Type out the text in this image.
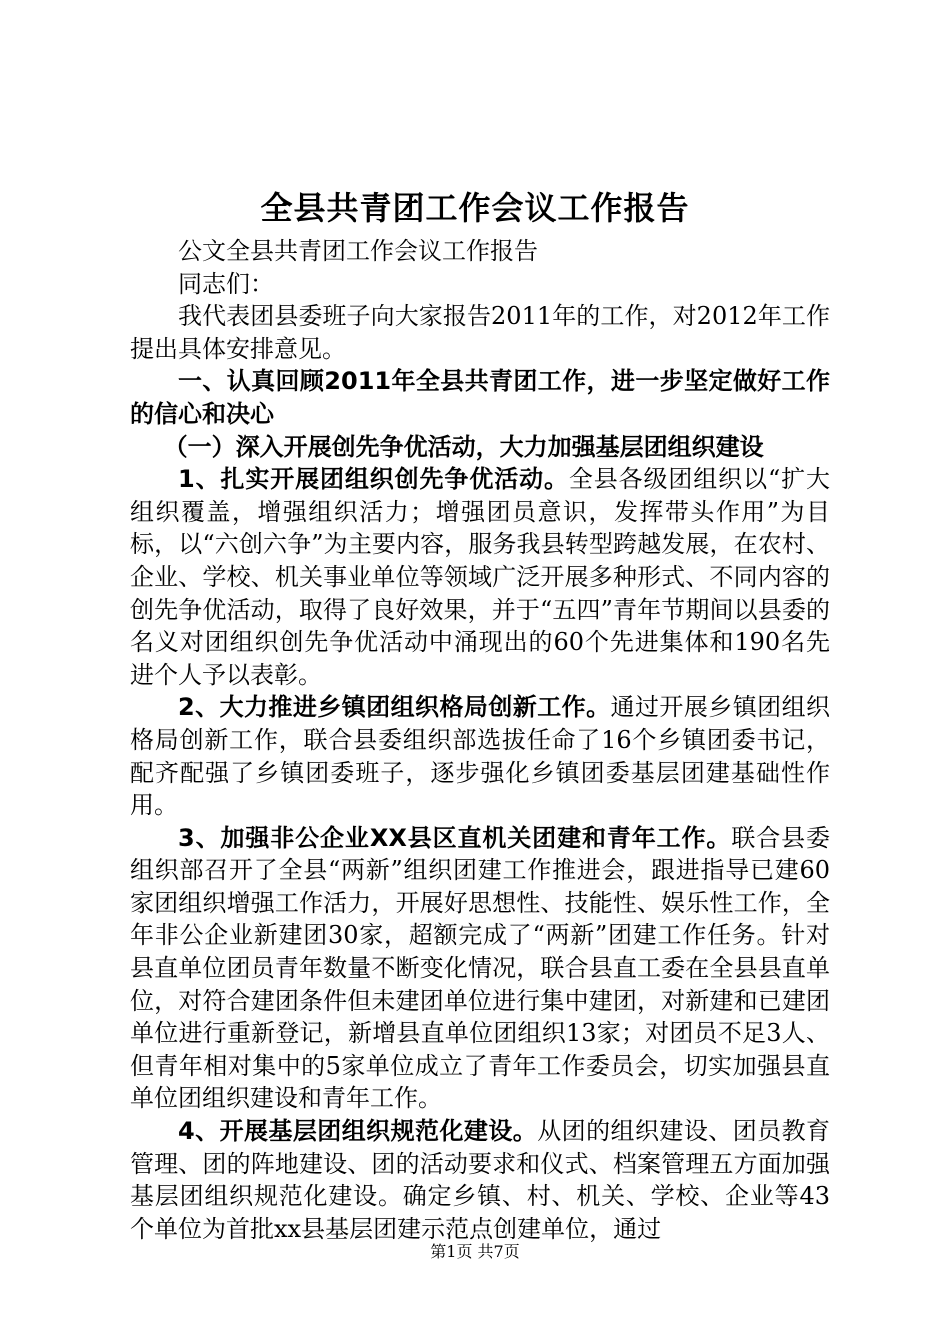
全县共青团工作会议工作报告

公文全县共青团工作会议工作报告

同志们：

我代表团县委班子向大家报告2011年的工作，对2012年工作提出具体安排意见。

一、认真回顾2011年全县共青团工作，进一步坚定做好工作的信心和决心

（一）深入开展创先争优活动，大力加强基层团组织建设

1、扎实开展团组织创先争优活动。全县各级团组织以“扩大组织覆盖，增强组织活力；增强团员意识，发挥带头作用”为目标，以“六创六争”为主要内容，服务我县转型跨越发展，在农村、企业、学校、机关事业单位等领域广泛开展多种形式、不同内容的创先争优活动，取得了良好效果，并于“五四”青年节期间以县委的名义对团组织创先争优活动中涌现出的60个先进集体和190名先进个人予以表彰。

2、大力推进乡镇团组织格局创新工作。通过开展乡镇团组织格局创新工作，联合县委组织部选拔任命了16个乡镇团委书记，配齐配强了乡镇团委班子，逐步强化乡镇团委基层团建基础性作用。

3、加强非公企业XX县区直机关团建和青年工作。联合县委组织部召开了全县“两新”组织团建工作推进会，跟进指导已建60家团组织增强工作活力，开展好思想性、技能性、娱乐性工作，全年非公企业新建团30家，超额完成了“两新”团建工作任务。针对县直单位团员青年数量不断变化情况，联合县直工委在全县县直单位，对符合建团条件但未建团单位进行集中建团，对新建和已建团单位进行重新登记，新增县直单位团组织13家；对团员不足3人、但青年相对集中的5家单位成立了青年工作委员会，切实加强县直单位团组织建设和青年工作。

4、开展基层团组织规范化建设。从团的组织建设、团员教育管理、团的阵地建设、团的活动要求和仪式、档案管理五方面加强基层团组织规范化建设。确定乡镇、村、机关、学校、企业等43个单位为首批xx县基层团建示范点创建单位，通过

第1页 共7页
